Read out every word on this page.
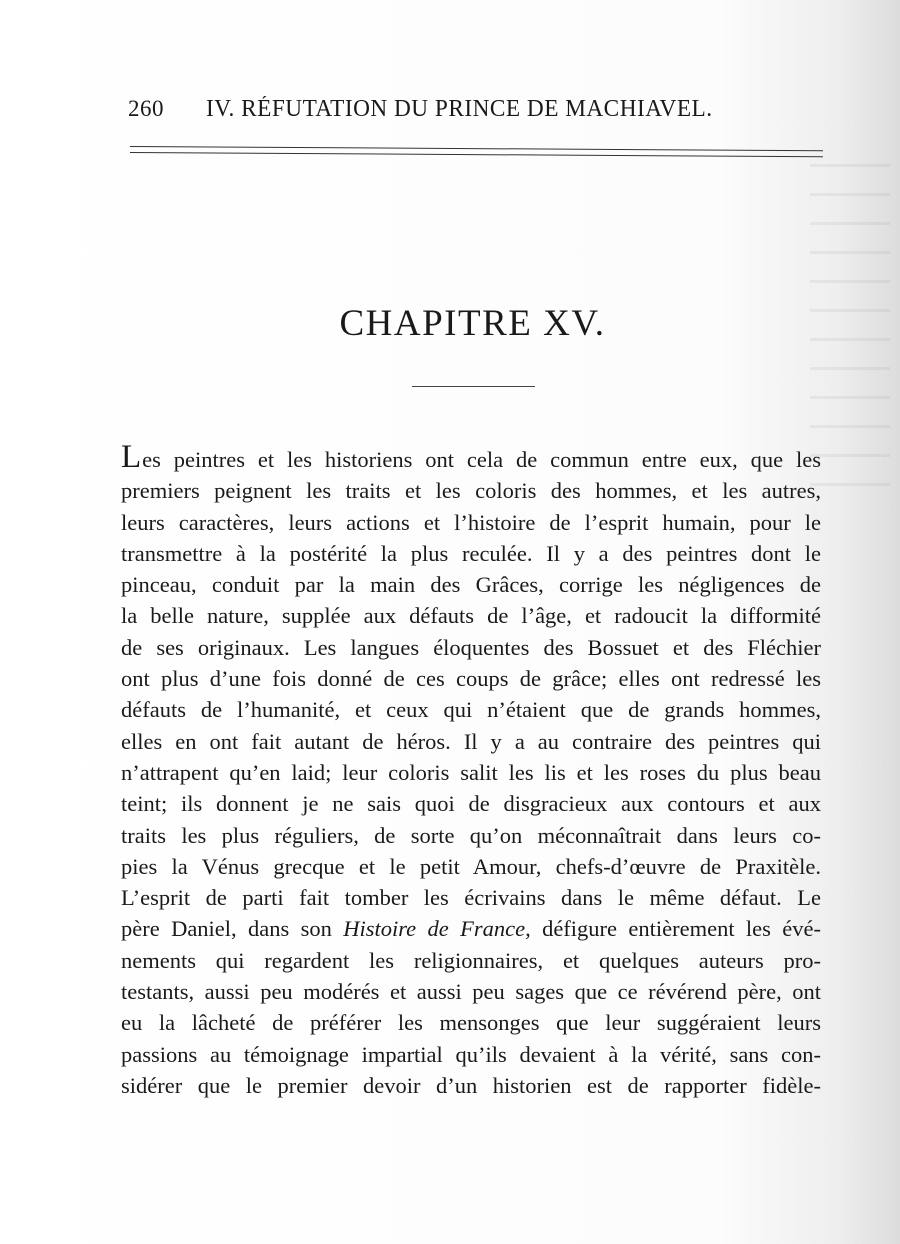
260	IV. RÉFUTATION DU PRINCE DE MACHIAVEL.
CHAPITRE XV.
Les peintres et les historiens ont cela de commun entre eux, que les
premiers peignent les traits et les coloris des hommes, et les autres,
leurs caractères, leurs actions et l’histoire de l’esprit humain, pour le
transmettre à la postérité la plus reculée. Il y a des peintres dont le
pinceau, conduit par la main des Grâces, corrige les négligences de
la belle nature, supplée aux défauts de l’âge, et radoucit la difformité
de ses originaux. Les langues éloquentes des Bossuet et des Fléchier
ont plus d’une fois donné de ces coups de grâce; elles ont redressé les
défauts de l’humanité, et ceux qui n’étaient que de grands hommes,
elles en ont fait autant de héros. Il y a au contraire des peintres qui
n’attrapent qu’en laid; leur coloris salit les lis et les roses du plus beau
teint; ils donnent je ne sais quoi de disgracieux aux contours et aux
traits les plus réguliers, de sorte qu’on méconnaîtrait dans leurs co-
pies la Vénus grecque et le petit Amour, chefs-d’œuvre de Praxitèle.
L’esprit de parti fait tomber les écrivains dans le même défaut. Le
père Daniel, dans son Histoire de France, défigure entièrement les évé-
nements qui regardent les religionnaires, et quelques auteurs pro-
testants, aussi peu modérés et aussi peu sages que ce révérend père, ont
eu la lâcheté de préférer les mensonges que leur suggéraient leurs
passions au témoignage impartial qu’ils devaient à la vérité, sans con-
sidérer que le premier devoir d’un historien est de rapporter fidèle-
